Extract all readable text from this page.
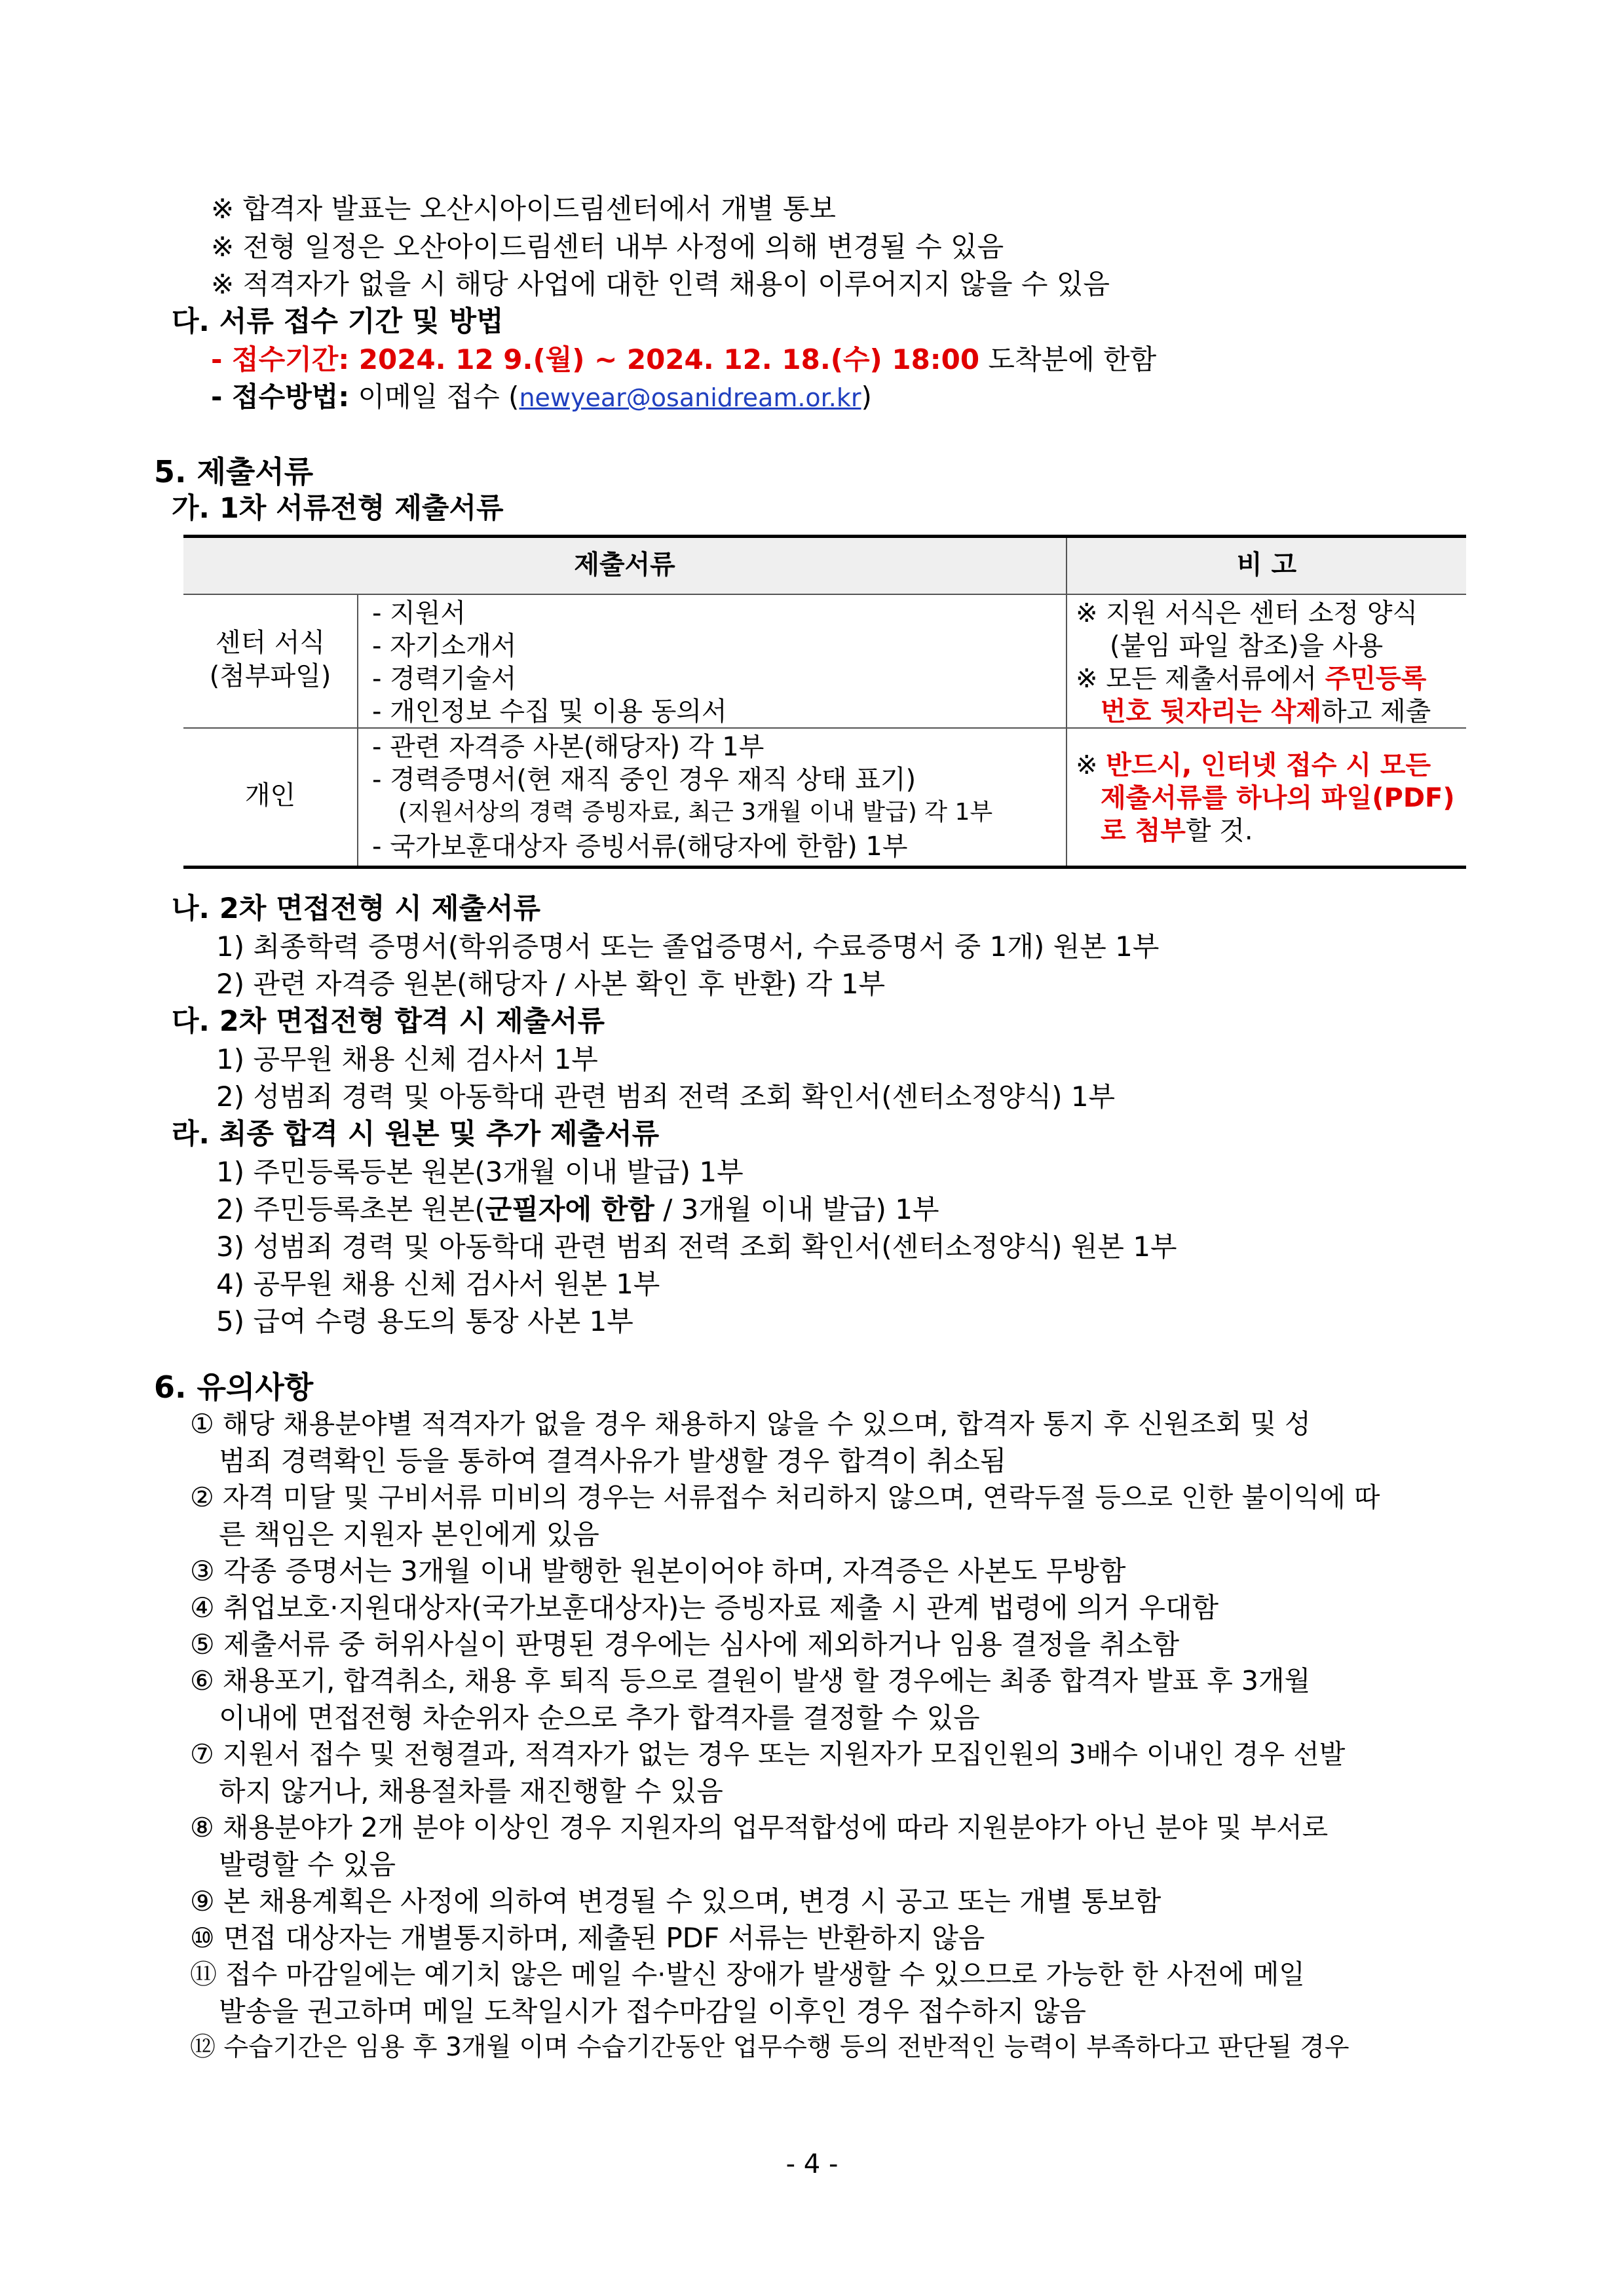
※ 합격자 발표는 오산시아이드림센터에서 개별 통보
※ 전형 일정은 오산아이드림센터 내부 사정에 의해 변경될 수 있음
※ 적격자가 없을 시 해당 사업에 대한 인력 채용이 이루어지지 않을 수 있음
다. 서류 접수 기간 및 방법
- 접수기간: 2024. 12 9.(월) ~ 2024. 12. 18.(수) 18:00 도착분에 한함
- 접수방법: 이메일 접수 (newyear@osanidream.or.kr)
5. 제출서류
가. 1차 서류전형 제출서류
제출서류	비 고
센터 서식
(첨부파일)
- 지원서
- 자기소개서
- 경력기술서
- 개인정보 수집 및 이용 동의서
※ 지원 서식은 센터 소정 양식
(붙임 파일 참조)을 사용
※ 모든 제출서류에서 주민등록
번호 뒷자리는 삭제하고 제출
개인
- 관련 자격증 사본(해당자) 각 1부
- 경력증명서(현 재직 중인 경우 재직 상태 표기)
(지원서상의 경력 증빙자료, 최근 3개월 이내 발급) 각 1부
- 국가보훈대상자 증빙서류(해당자에 한함) 1부
※ 반드시, 인터넷 접수 시 모든
제출서류를 하나의 파일(PDF)
로 첨부할 것.
나. 2차 면접전형 시 제출서류
1) 최종학력 증명서(학위증명서 또는 졸업증명서, 수료증명서 중 1개) 원본 1부
2) 관련 자격증 원본(해당자 / 사본 확인 후 반환) 각 1부
다. 2차 면접전형 합격 시 제출서류
1) 공무원 채용 신체 검사서 1부
2) 성범죄 경력 및 아동학대 관련 범죄 전력 조회 확인서(센터소정양식) 1부
라. 최종 합격 시 원본 및 추가 제출서류
1) 주민등록등본 원본(3개월 이내 발급) 1부
2) 주민등록초본 원본(군필자에 한함 / 3개월 이내 발급) 1부
3) 성범죄 경력 및 아동학대 관련 범죄 전력 조회 확인서(센터소정양식) 원본 1부
4) 공무원 채용 신체 검사서 원본 1부
5) 급여 수령 용도의 통장 사본 1부
6. 유의사항
① 해당 채용분야별 적격자가 없을 경우 채용하지 않을 수 있으며, 합격자 통지 후 신원조회 및 성
범죄 경력확인 등을 통하여 결격사유가 발생할 경우 합격이 취소됨
② 자격 미달 및 구비서류 미비의 경우는 서류접수 처리하지 않으며, 연락두절 등으로 인한 불이익에 따
른 책임은 지원자 본인에게 있음
③ 각종 증명서는 3개월 이내 발행한 원본이어야 하며, 자격증은 사본도 무방함
④ 취업보호·지원대상자(국가보훈대상자)는 증빙자료 제출 시 관계 법령에 의거 우대함
⑤ 제출서류 중 허위사실이 판명된 경우에는 심사에 제외하거나 임용 결정을 취소함
⑥ 채용포기, 합격취소, 채용 후 퇴직 등으로 결원이 발생 할 경우에는 최종 합격자 발표 후 3개월
이내에 면접전형 차순위자 순으로 추가 합격자를 결정할 수 있음
⑦ 지원서 접수 및 전형결과, 적격자가 없는 경우 또는 지원자가 모집인원의 3배수 이내인 경우 선발
하지 않거나, 채용절차를 재진행할 수 있음
⑧ 채용분야가 2개 분야 이상인 경우 지원자의 업무적합성에 따라 지원분야가 아닌 분야 및 부서로
발령할 수 있음
⑨ 본 채용계획은 사정에 의하여 변경될 수 있으며, 변경 시 공고 또는 개별 통보함
⑩ 면접 대상자는 개별통지하며, 제출된 PDF 서류는 반환하지 않음
⑪ 접수 마감일에는 예기치 않은 메일 수·발신 장애가 발생할 수 있으므로 가능한 한 사전에 메일
발송을 권고하며 메일 도착일시가 접수마감일 이후인 경우 접수하지 않음
⑫ 수습기간은 임용 후 3개월 이며 수습기간동안 업무수행 등의 전반적인 능력이 부족하다고 판단될 경우
- 4 -
